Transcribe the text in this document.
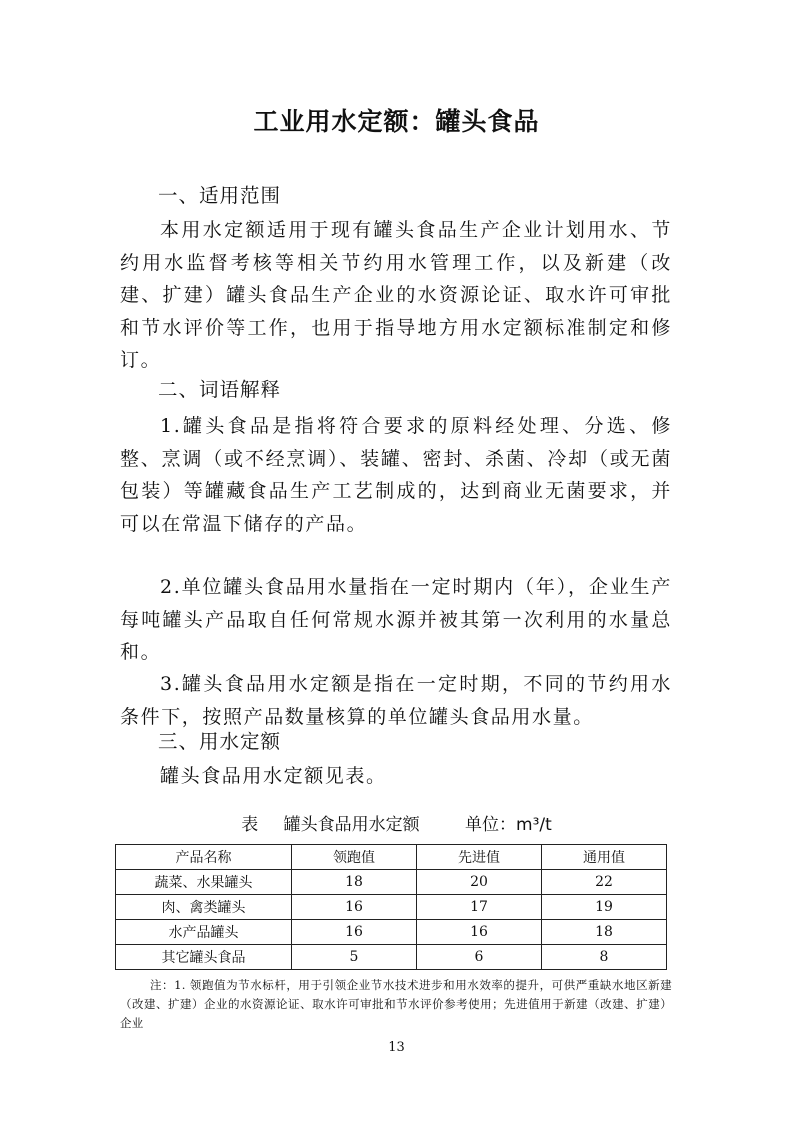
工业用水定额：罐头食品
一、适用范围
本用水定额适用于现有罐头食品生产企业计划用水、节约用水监督考核等相关节约用水管理工作，以及新建（改建、扩建）罐头食品生产企业的水资源论证、取水许可审批和节水评价等工作，也用于指导地方用水定额标准制定和修订。
二、词语解释
1.罐头食品是指将符合要求的原料经处理、分选、修整、烹调（或不经烹调）、装罐、密封、杀菌、冷却（或无菌包装）等罐藏食品生产工艺制成的，达到商业无菌要求，并可以在常温下储存的产品。
2.单位罐头食品用水量指在一定时期内（年），企业生产每吨罐头产品取自任何常规水源并被其第一次利用的水量总和。
3.罐头食品用水定额是指在一定时期，不同的节约用水条件下，按照产品数量核算的单位罐头食品用水量。
三、用水定额
罐头食品用水定额见表。
表 罐头食品用水定额	单位：m³/t
产品名称	领跑值	先进值	通用值
蔬菜、水果罐头	18	20	22
肉、禽类罐头	16	17	19
水产品罐头	16	16	18
其它罐头食品	5	6	8
注：1. 领跑值为节水标杆，用于引领企业节水技术进步和用水效率的提升，可供严重缺水地区新建（改建、扩建）企业的水资源论证、取水许可审批和节水评价参考使用；先进值用于新建（改建、扩建）企业
13
